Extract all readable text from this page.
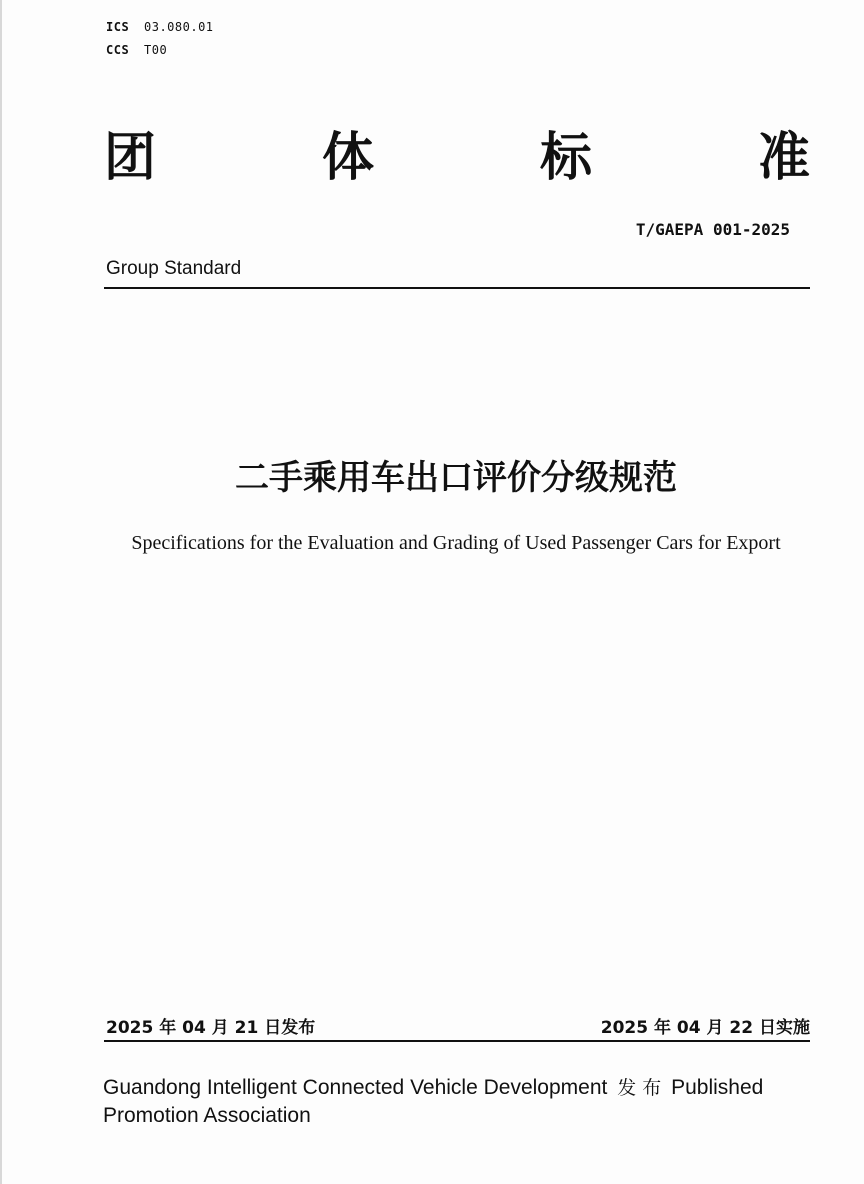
ICS 03.080.01
CCS T00
团	体	标	准
T/GAEPA 001-2025
Group Standard
二手乘用车出口评价分级规范
Specifications for the Evaluation and Grading of Used Passenger Cars for Export
2025 年 04 月 21 日发布	2025 年 04 月 22 日实施
Guandong Intelligent Connected Vehicle Development 发 布 Published
Promotion Association
